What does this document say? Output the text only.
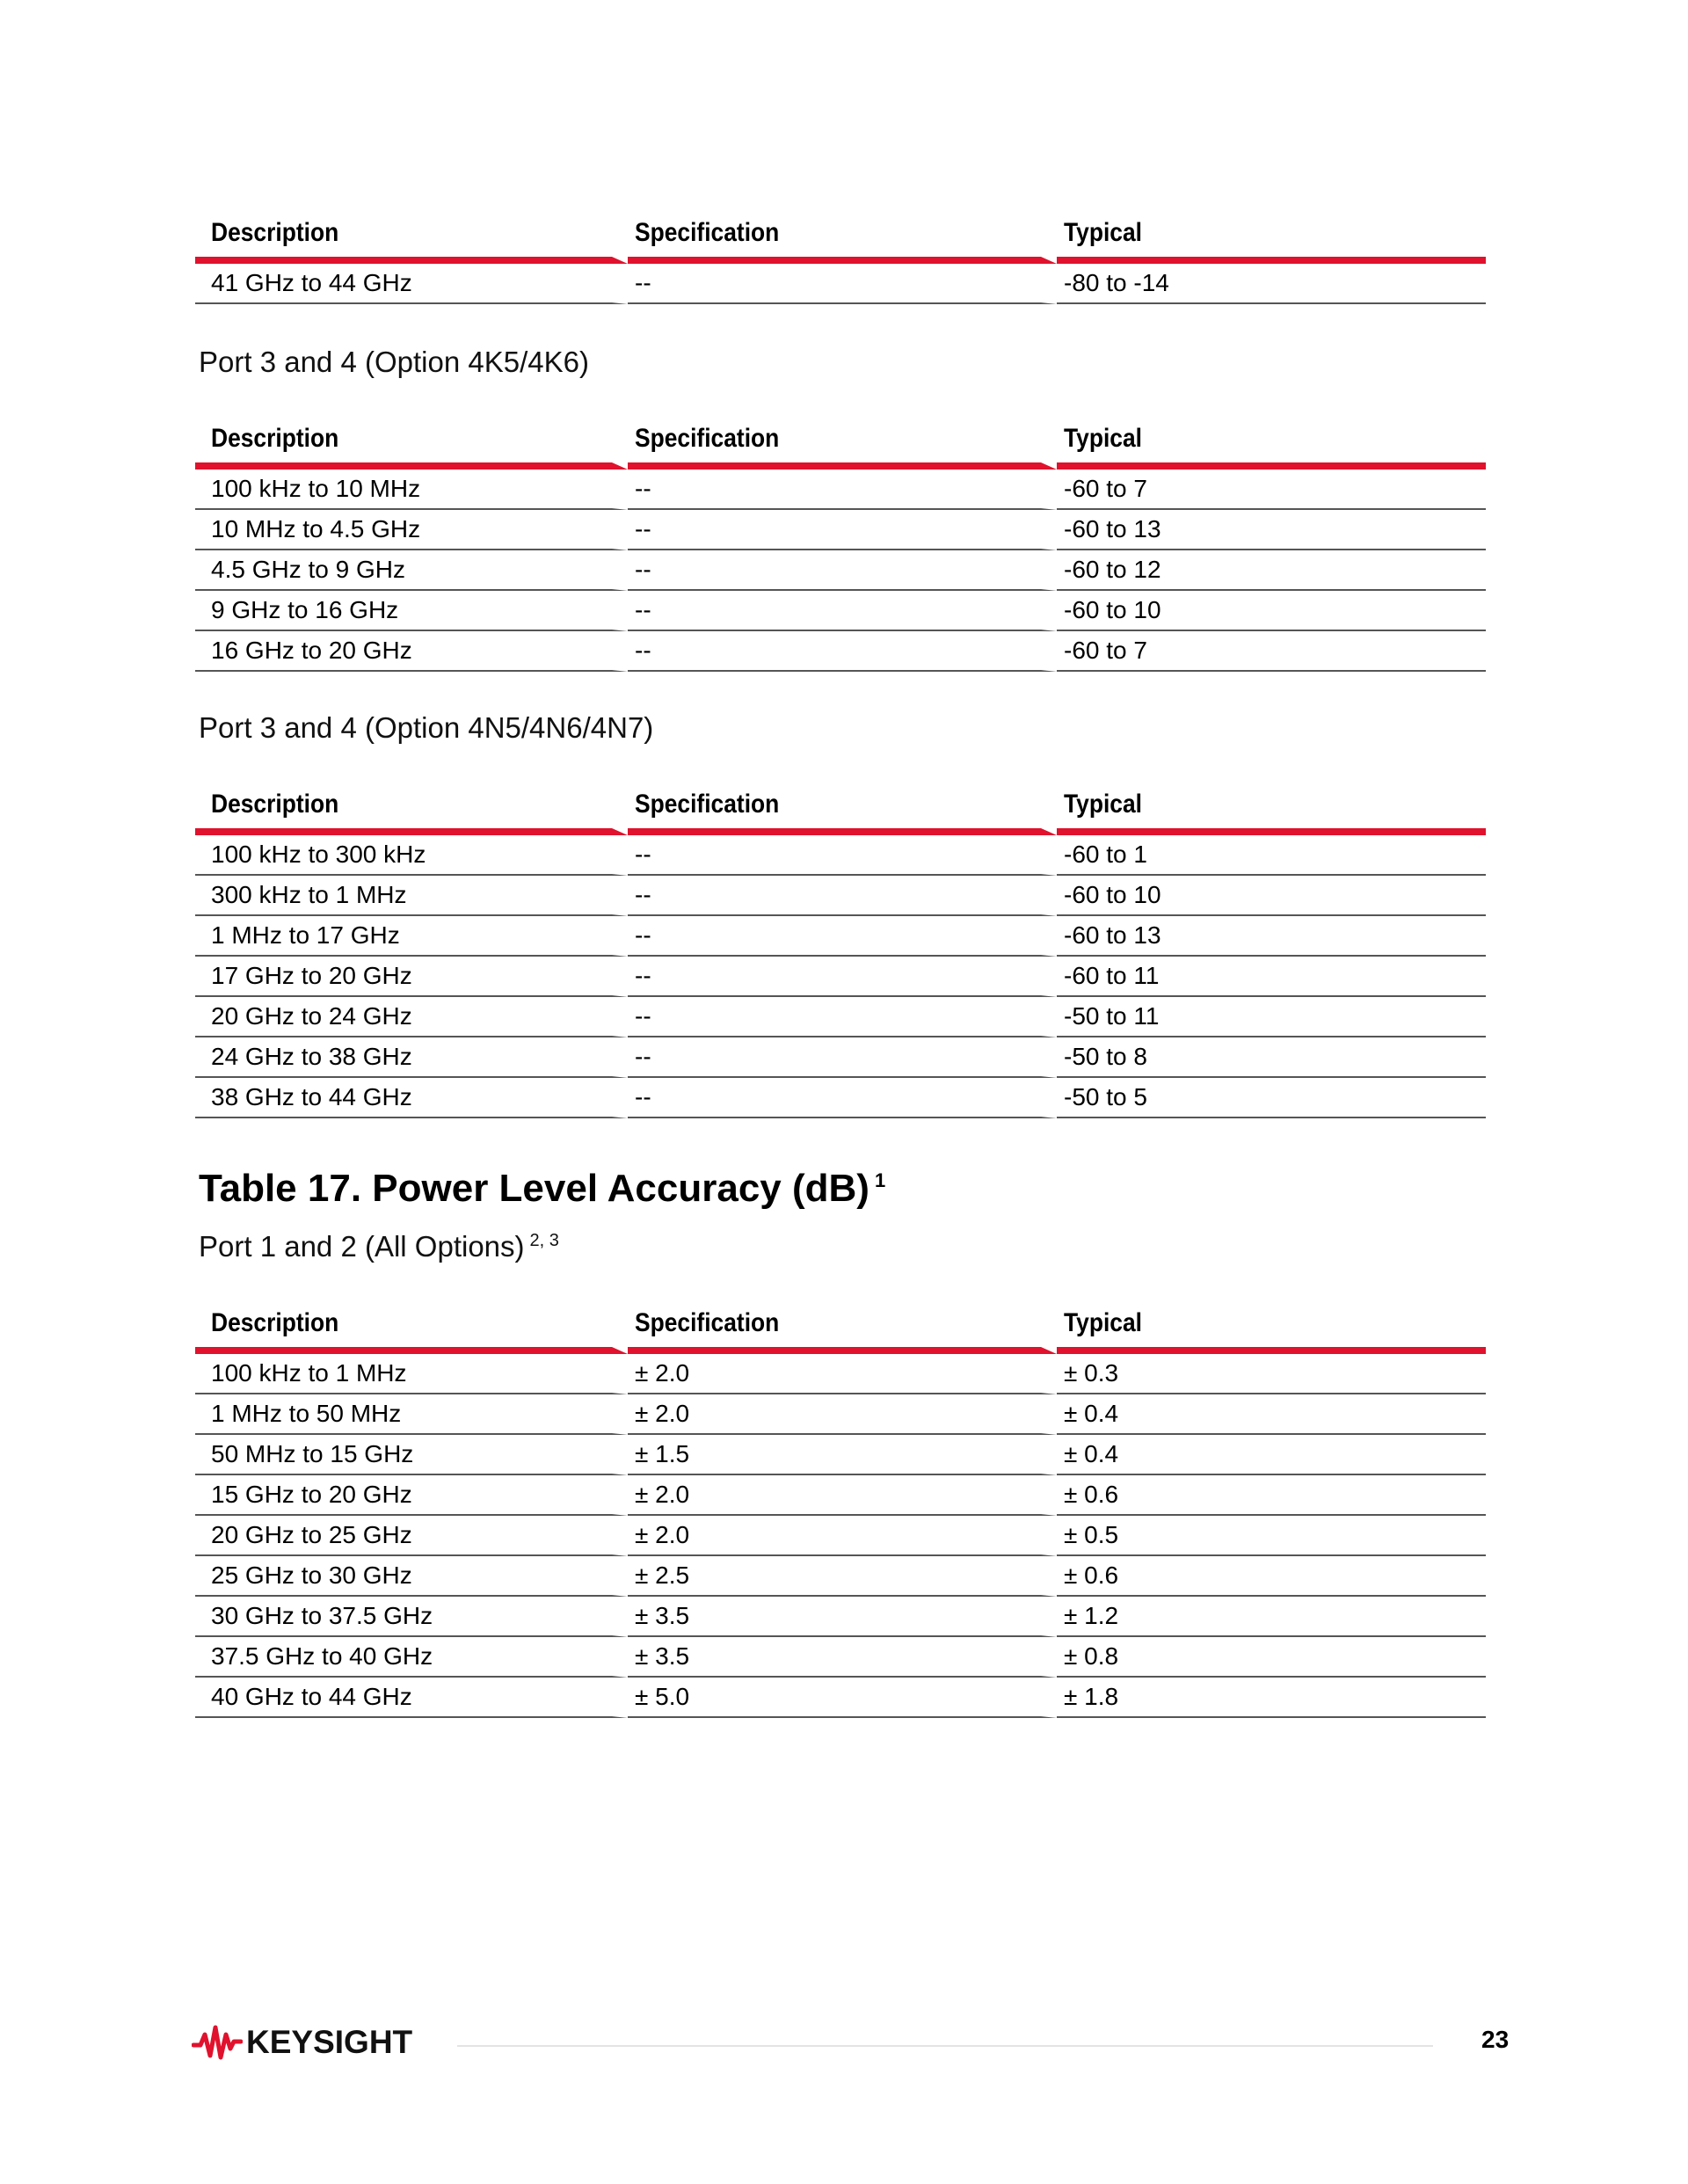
Description	Specification	Typical
41 GHz to 44 GHz	--	-80 to -14
Port 3 and 4 (Option 4K5/4K6)
Description	Specification	Typical
100 kHz to 10 MHz	--	-60 to 7
10 MHz to 4.5 GHz	--	-60 to 13
4.5 GHz to 9 GHz	--	-60 to 12
9 GHz to 16 GHz	--	-60 to 10
16 GHz to 20 GHz	--	-60 to 7
Port 3 and 4 (Option 4N5/4N6/4N7)
Description	Specification	Typical
100 kHz to 300 kHz	--	-60 to 1
300 kHz to 1 MHz	--	-60 to 10
1 MHz to 17 GHz	--	-60 to 13
17 GHz to 20 GHz	--	-60 to 11
20 GHz to 24 GHz	--	-50 to 11
24 GHz to 38 GHz	--	-50 to 8
38 GHz to 44 GHz	--	-50 to 5
Table 17. Power Level Accuracy (dB) $^1$
Port 1 and 2 (All Options) $^{2, 3}$
Description	Specification	Typical
100 kHz to 1 MHz	± 2.0	± 0.3
1 MHz to 50 MHz	± 2.0	± 0.4
50 MHz to 15 GHz	± 1.5	± 0.4
15 GHz to 20 GHz	± 2.0	± 0.6
20 GHz to 25 GHz	± 2.0	± 0.5
25 GHz to 30 GHz	± 2.5	± 0.6
30 GHz to 37.5 GHz	± 3.5	± 1.2
37.5 GHz to 40 GHz	± 3.5	± 0.8
40 GHz to 44 GHz	± 5.0	± 1.8
KEYSIGHT	23
